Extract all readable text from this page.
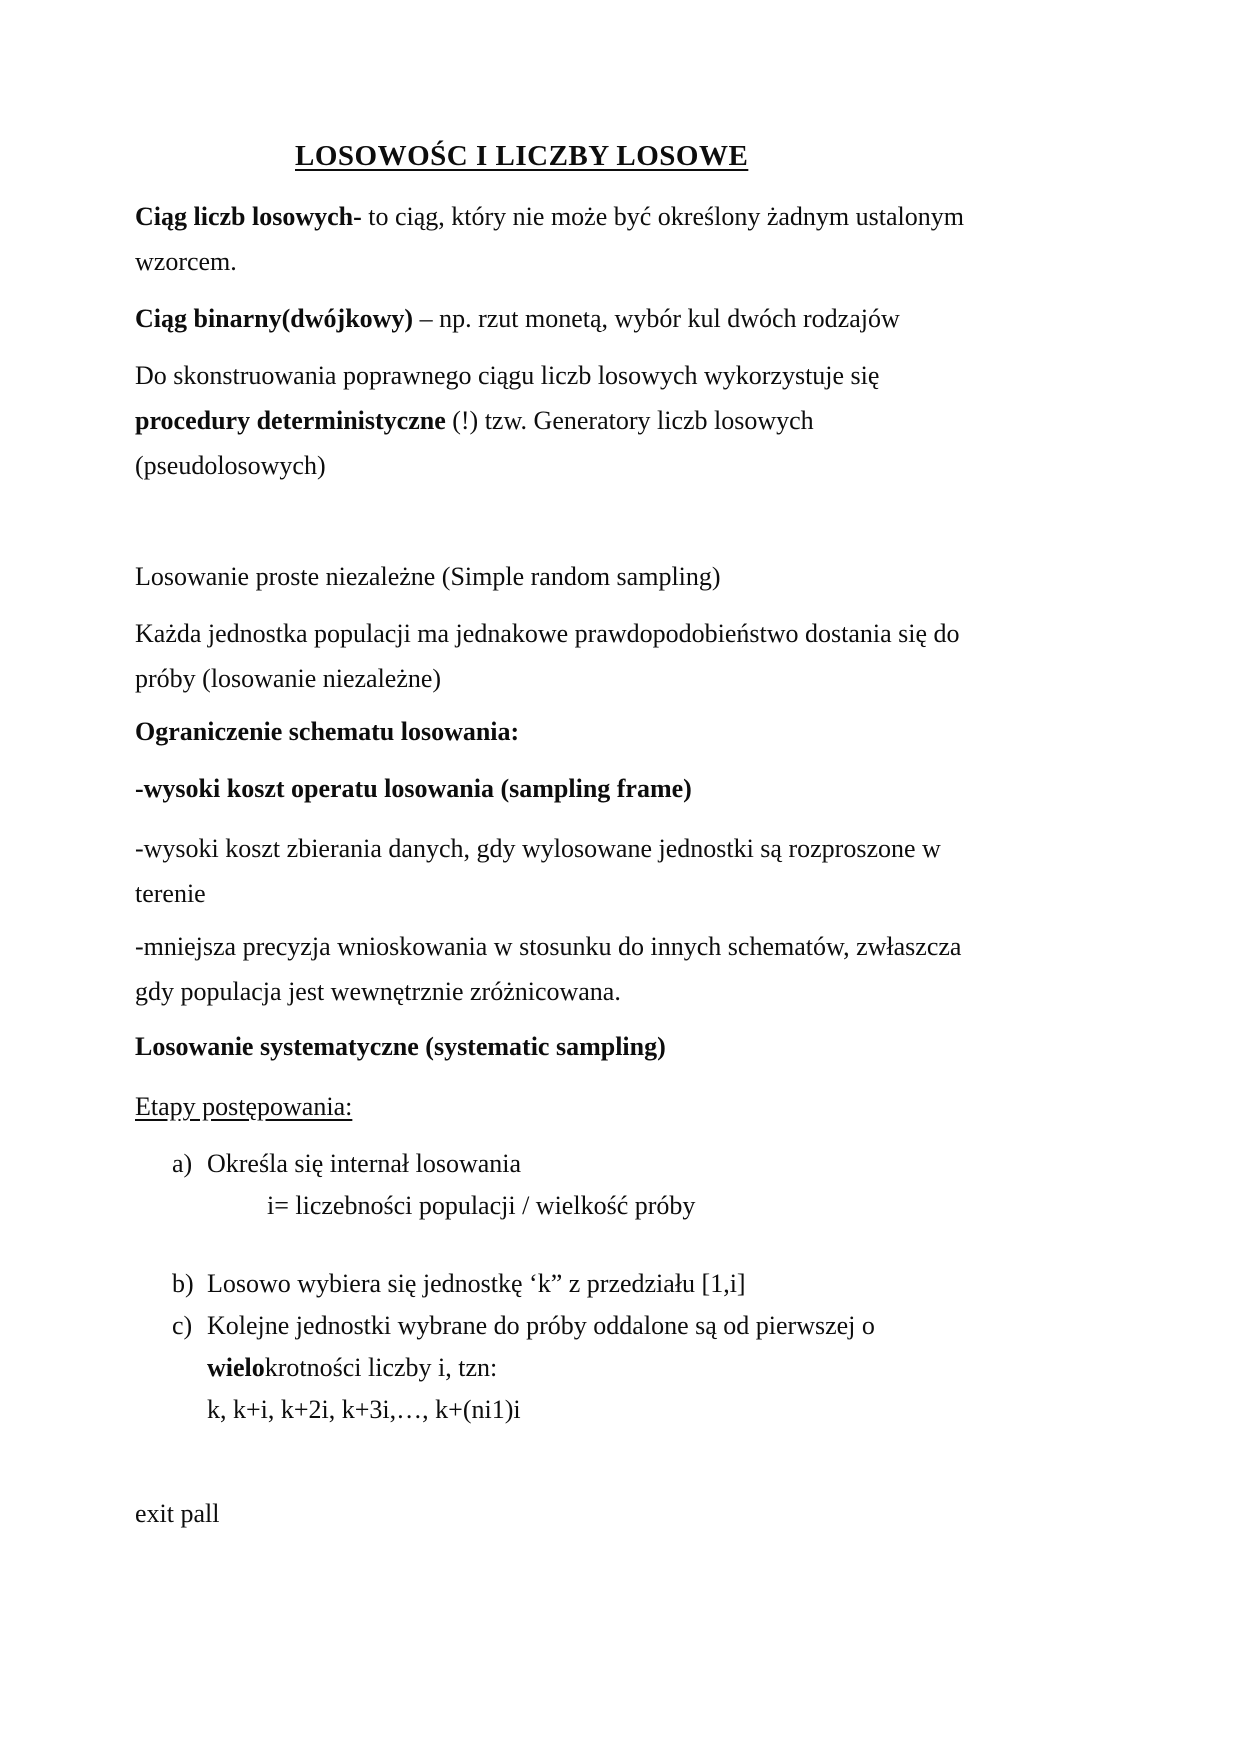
LOSOWOŚC I LICZBY LOSOWE
Ciąg liczb losowych- to ciąg, który nie może być określony żadnym ustalonym
wzorcem.
Ciąg binarny(dwójkowy) – np. rzut monetą, wybór kul dwóch rodzajów
Do skonstruowania poprawnego ciągu liczb losowych wykorzystuje się
procedury deterministyczne (!) tzw. Generatory liczb losowych
(pseudolosowych)
Losowanie proste niezależne (Simple random sampling)
Każda jednostka populacji ma jednakowe prawdopodobieństwo dostania się do
próby (losowanie niezależne)
Ograniczenie schematu losowania:
-wysoki koszt operatu losowania (sampling frame)
-wysoki koszt zbierania danych, gdy wylosowane jednostki są rozproszone w
terenie
-mniejsza precyzja wnioskowania w stosunku do innych schematów, zwłaszcza
gdy populacja jest wewnętrznie zróżnicowana.
Losowanie systematyczne (systematic sampling)
Etapy postępowania:
a) Określa się internał losowania
i= liczebności populacji / wielkość próby
b) Losowo wybiera się jednostkę ‘k” z przedziału [1,i]
c) Kolejne jednostki wybrane do próby oddalone są od pierwszej o
wielokrotności liczby i, tzn:
k, k+i, k+2i, k+3i,…, k+(ni1)i
exit pall
